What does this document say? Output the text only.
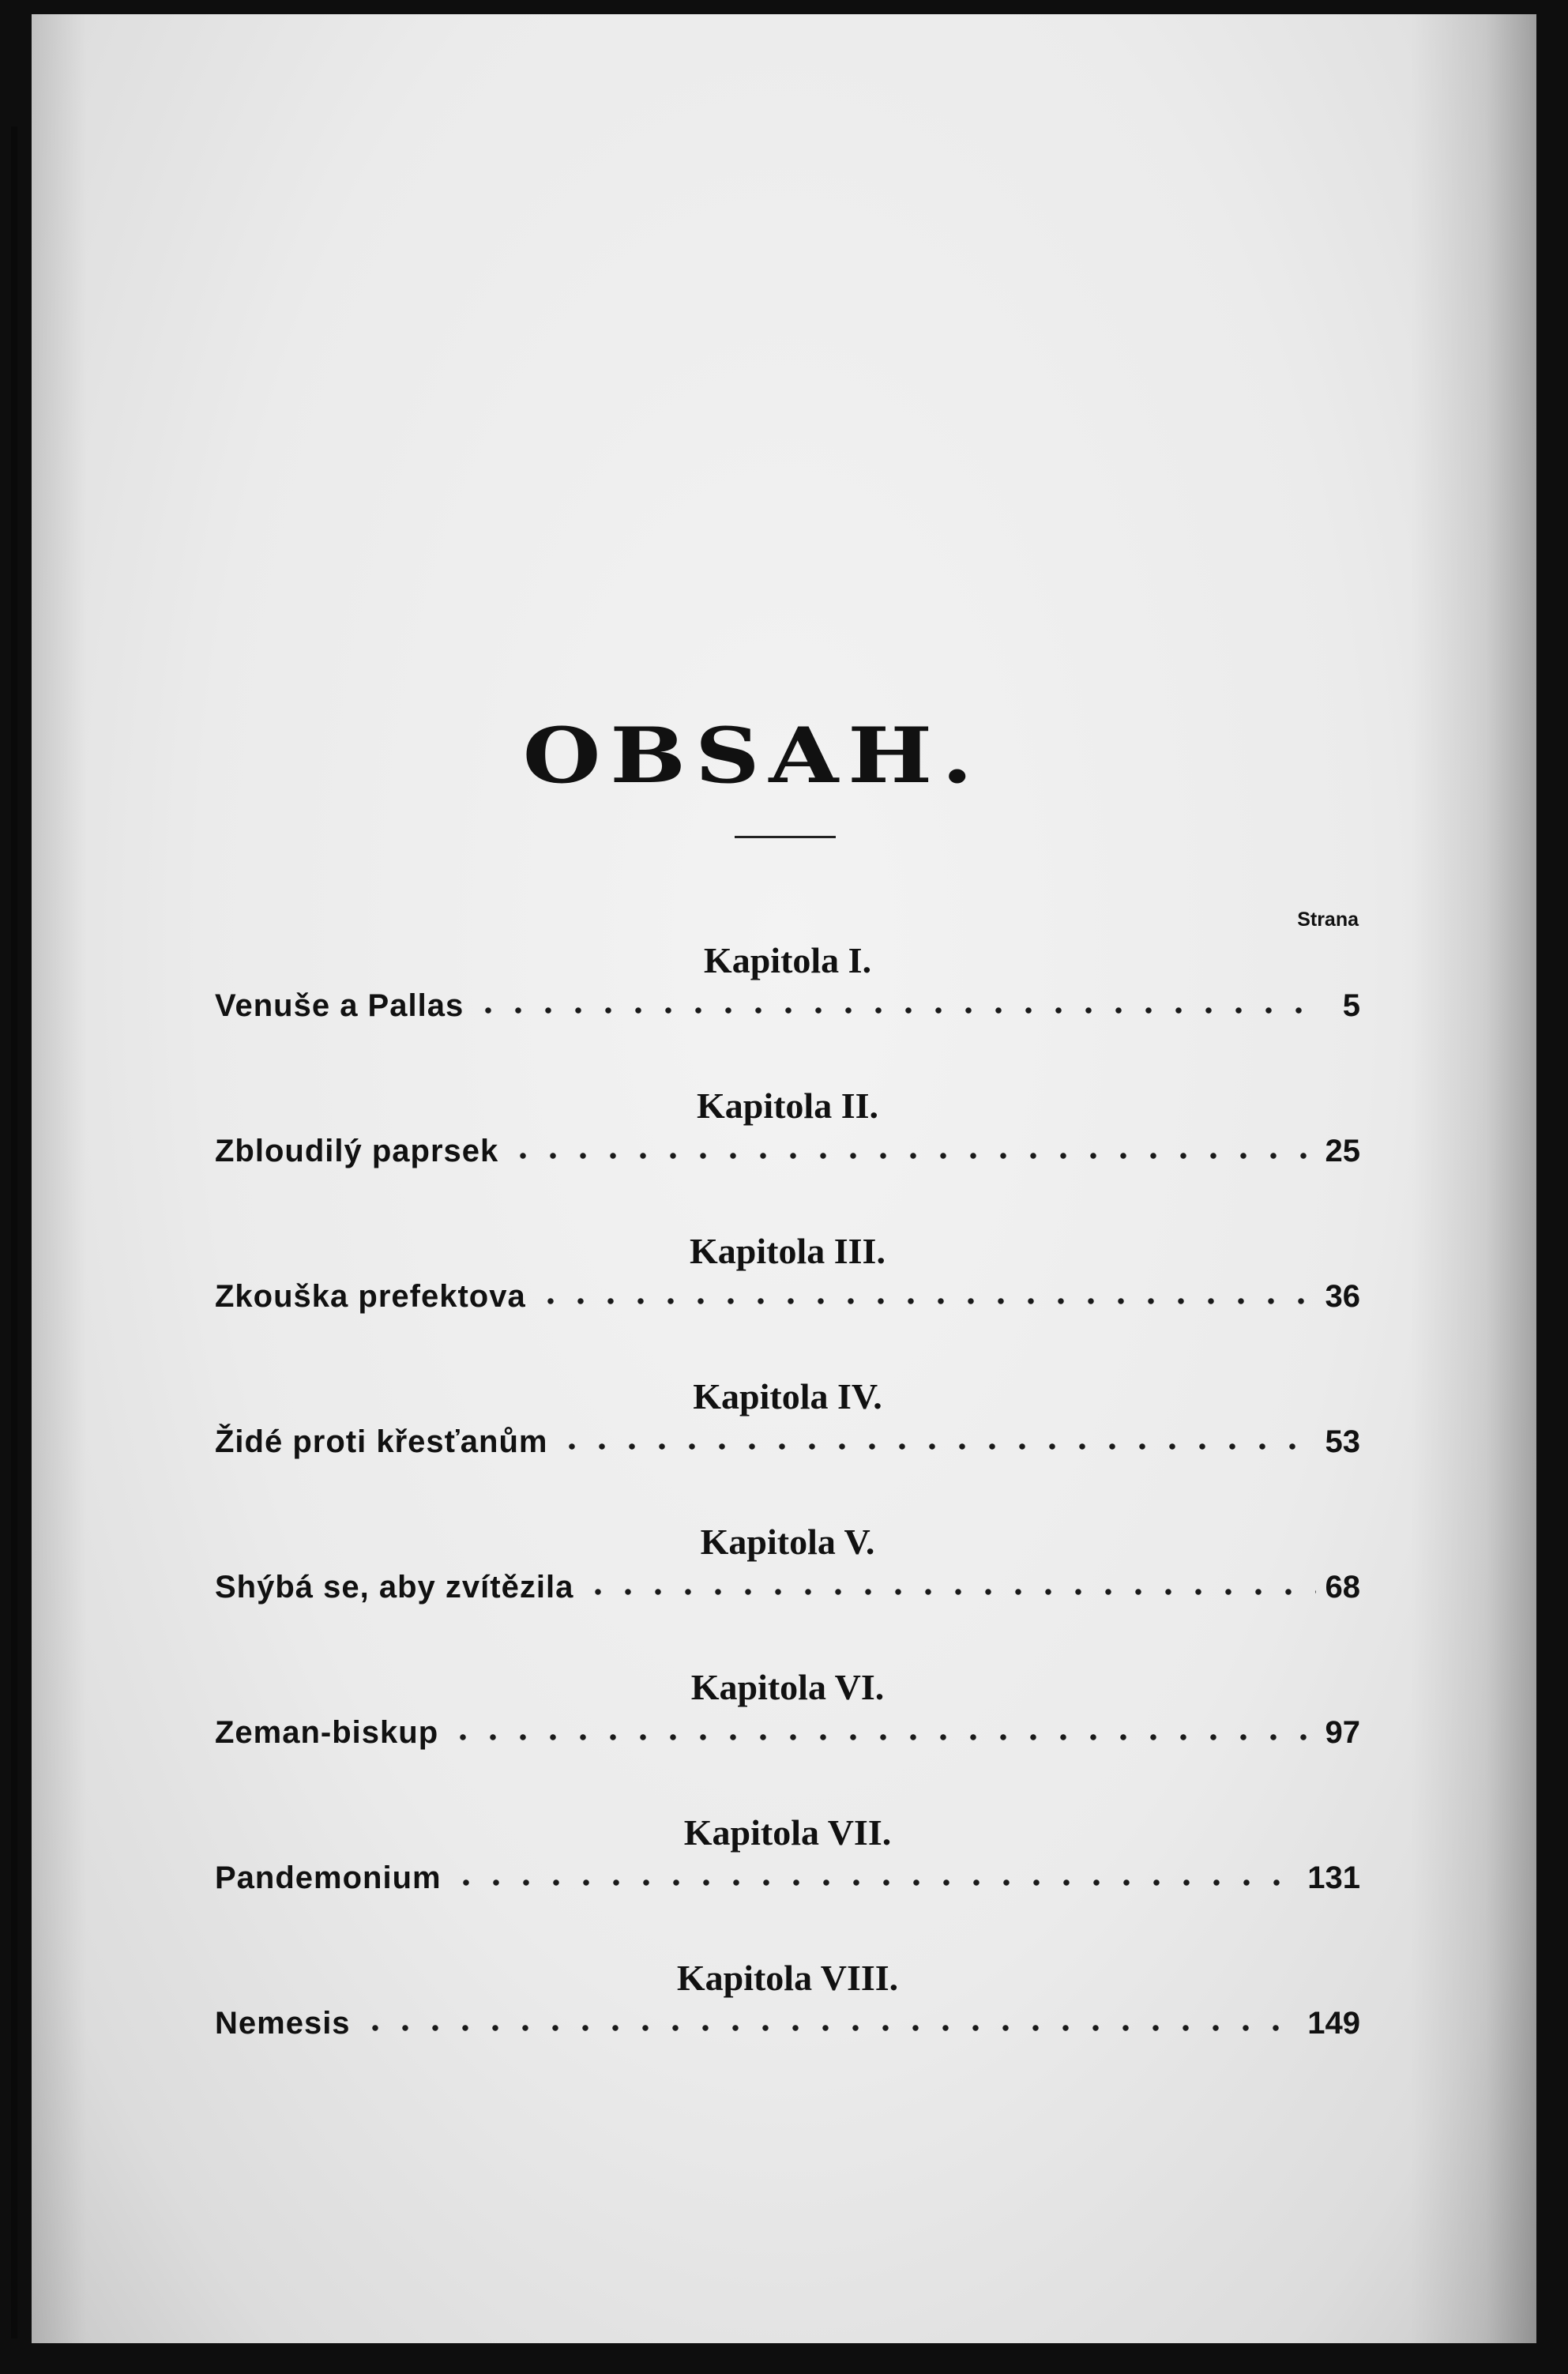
OBSAH.
Strana
Kapitola I.
Venuše a Pallas	5
Kapitola II.
Zbloudilý paprsek	25
Kapitola III.
Zkouška prefektova	36
Kapitola IV.
Židé proti křesťanům	53
Kapitola V.
Shýbá se, aby zvítězila	68
Kapitola VI.
Zeman-biskup	97
Kapitola VII.
Pandemonium	131
Kapitola VIII.
Nemesis	149
